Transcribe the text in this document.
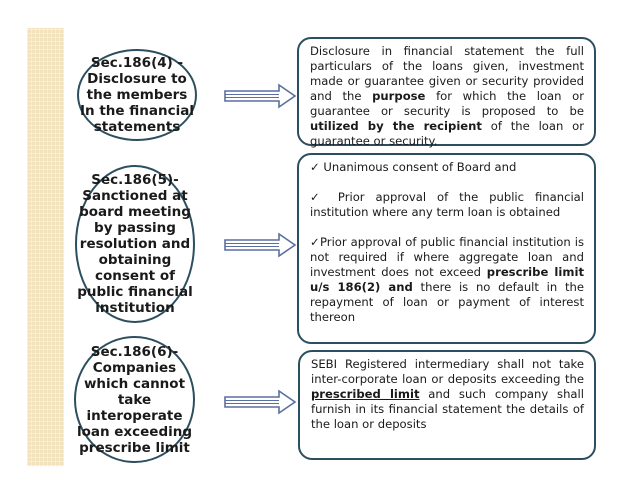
Sec.186(4) -
Disclosure to
the members
In the financial
statements

Disclosure in financial statement the full particulars of the loans given, investment made or guarantee given or security provided and the purpose for which the loan or guarantee or security is proposed to be utilized by the recipient of the loan or guarantee or security.

Sec.186(5)-
Sanctioned at
board meeting
by passing
resolution and
obtaining
consent of
public financial
institution

✓ Unanimous consent of Board and

✓ Prior approval of the public financial institution where any term loan is obtained

✓Prior approval of public financial institution is not required if where aggregate loan and investment does not exceed prescribe limit u/s 186(2) and there is no default in the repayment of loan or payment of interest thereon

Sec.186(6)-
Companies
which cannot
take
interoperate
loan exceeding
prescribe limit

SEBI Registered intermediary shall not take inter-corporate loan or deposits exceeding the prescribed limit and such company shall furnish in its financial statement the details of the loan or deposits
